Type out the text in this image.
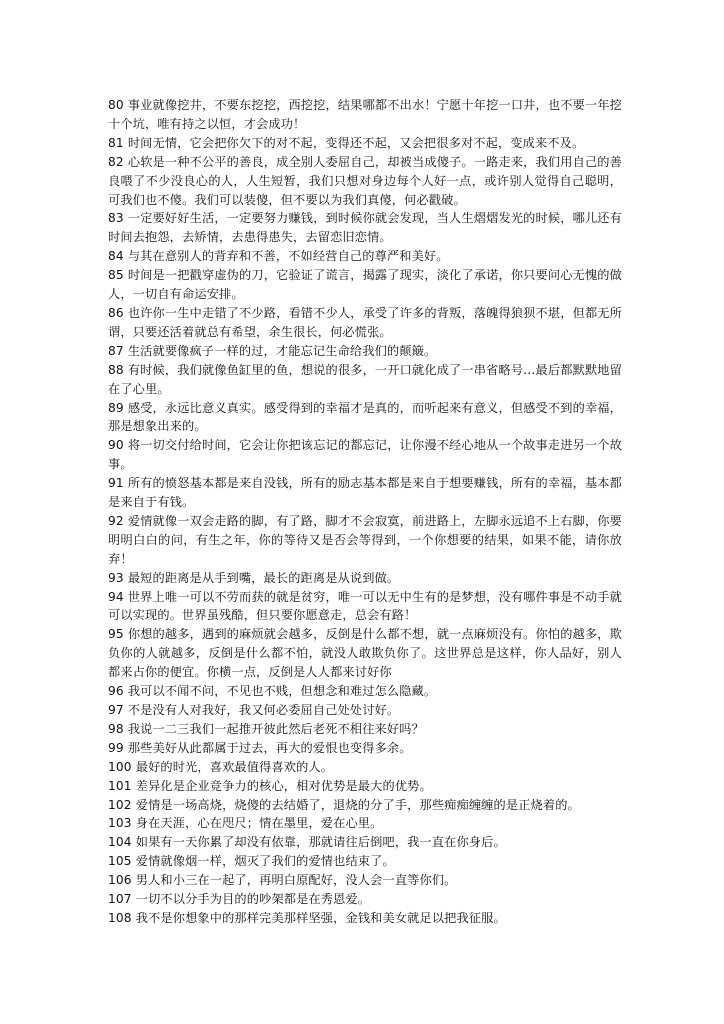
80 事业就像挖井，不要东挖挖，西挖挖，结果哪都不出水！宁愿十年挖一口井，也不要一年挖十个坑，唯有持之以恒，才会成功！

81 时间无情，它会把你欠下的对不起，变得还不起，又会把很多对不起，变成来不及。

82 心软是一种不公平的善良，成全别人委屈自己，却被当成傻子。一路走来，我们用自己的善良喂了不少没良心的人，人生短暂，我们只想对身边每个人好一点，或许别人觉得自己聪明，可我们也不傻。我们可以装傻，但不要以为我们真傻，何必戳破。

83 一定要好好生活，一定要努力赚钱，到时候你就会发现，当人生熠熠发光的时候，哪儿还有时间去抱怨，去矫情，去患得患失，去留恋旧恋情。

84 与其在意别人的背弃和不善，不如经营自己的尊严和美好。

85 时间是一把戳穿虚伪的刀，它验证了谎言，揭露了现实，淡化了承诺，你只要问心无愧的做人，一切自有命运安排。

86 也许你一生中走错了不少路，看错不少人，承受了许多的背叛，落魄得狼狈不堪，但都无所谓，只要还活着就总有希望，余生很长，何必慌张。

87 生活就要像疯子一样的过，才能忘记生命给我们的颠簸。

88 有时候，我们就像鱼缸里的鱼，想说的很多，一开口就化成了一串省略号…最后都默默地留在了心里。

89 感受，永远比意义真实。感受得到的幸福才是真的，而听起来有意义，但感受不到的幸福，那是想象出来的。

90 将一切交付给时间，它会让你把该忘记的都忘记，让你漫不经心地从一个故事走进另一个故事。

91 所有的愤怒基本都是来自没钱，所有的励志基本都是来自于想要赚钱，所有的幸福，基本都是来自于有钱。

92 爱情就像一双会走路的脚，有了路，脚才不会寂寞，前进路上，左脚永远追不上右脚，你要明明白白的问，有生之年，你的等待又是否会等得到，一个你想要的结果，如果不能，请你放弃！

93 最短的距离是从手到嘴，最长的距离是从说到做。

94 世界上唯一可以不劳而获的就是贫穷，唯一可以无中生有的是梦想，没有哪件事是不动手就可以实现的。世界虽残酷，但只要你愿意走，总会有路！

95 你想的越多，遇到的麻烦就会越多，反倒是什么都不想，就一点麻烦没有。你怕的越多，欺负你的人就越多，反倒是什么都不怕，就没人敢欺负你了。这世界总是这样，你人品好，别人都来占你的便宜。你横一点，反倒是人人都来讨好你

96 我可以不闻不问，不见也不贱，但想念和难过怎么隐藏。

97 不是没有人对我好，我又何必委屈自己处处讨好。

98 我说一二三我们一起推开彼此然后老死不相往来好吗？

99 那些美好从此都属于过去，再大的爱恨也变得多余。

100 最好的时光，喜欢最值得喜欢的人。

101 差异化是企业竞争力的核心，相对优势是最大的优势。

102 爱情是一场高烧，烧傻的去结婚了，退烧的分了手，那些痴痴缠缠的是正烧着的。

103 身在天涯，心在咫尺；情在墨里，爱在心里。

104 如果有一天你累了却没有依靠，那就请往后倒吧，我一直在你身后。

105 爱情就像烟一样，烟灭了我们的爱情也结束了。

106 男人和小三在一起了，再明白原配好，没人会一直等你们。

107 一切不以分手为目的的吵架都是在秀恩爱。

108 我不是你想象中的那样完美那样坚强，金钱和美女就足以把我征服。
